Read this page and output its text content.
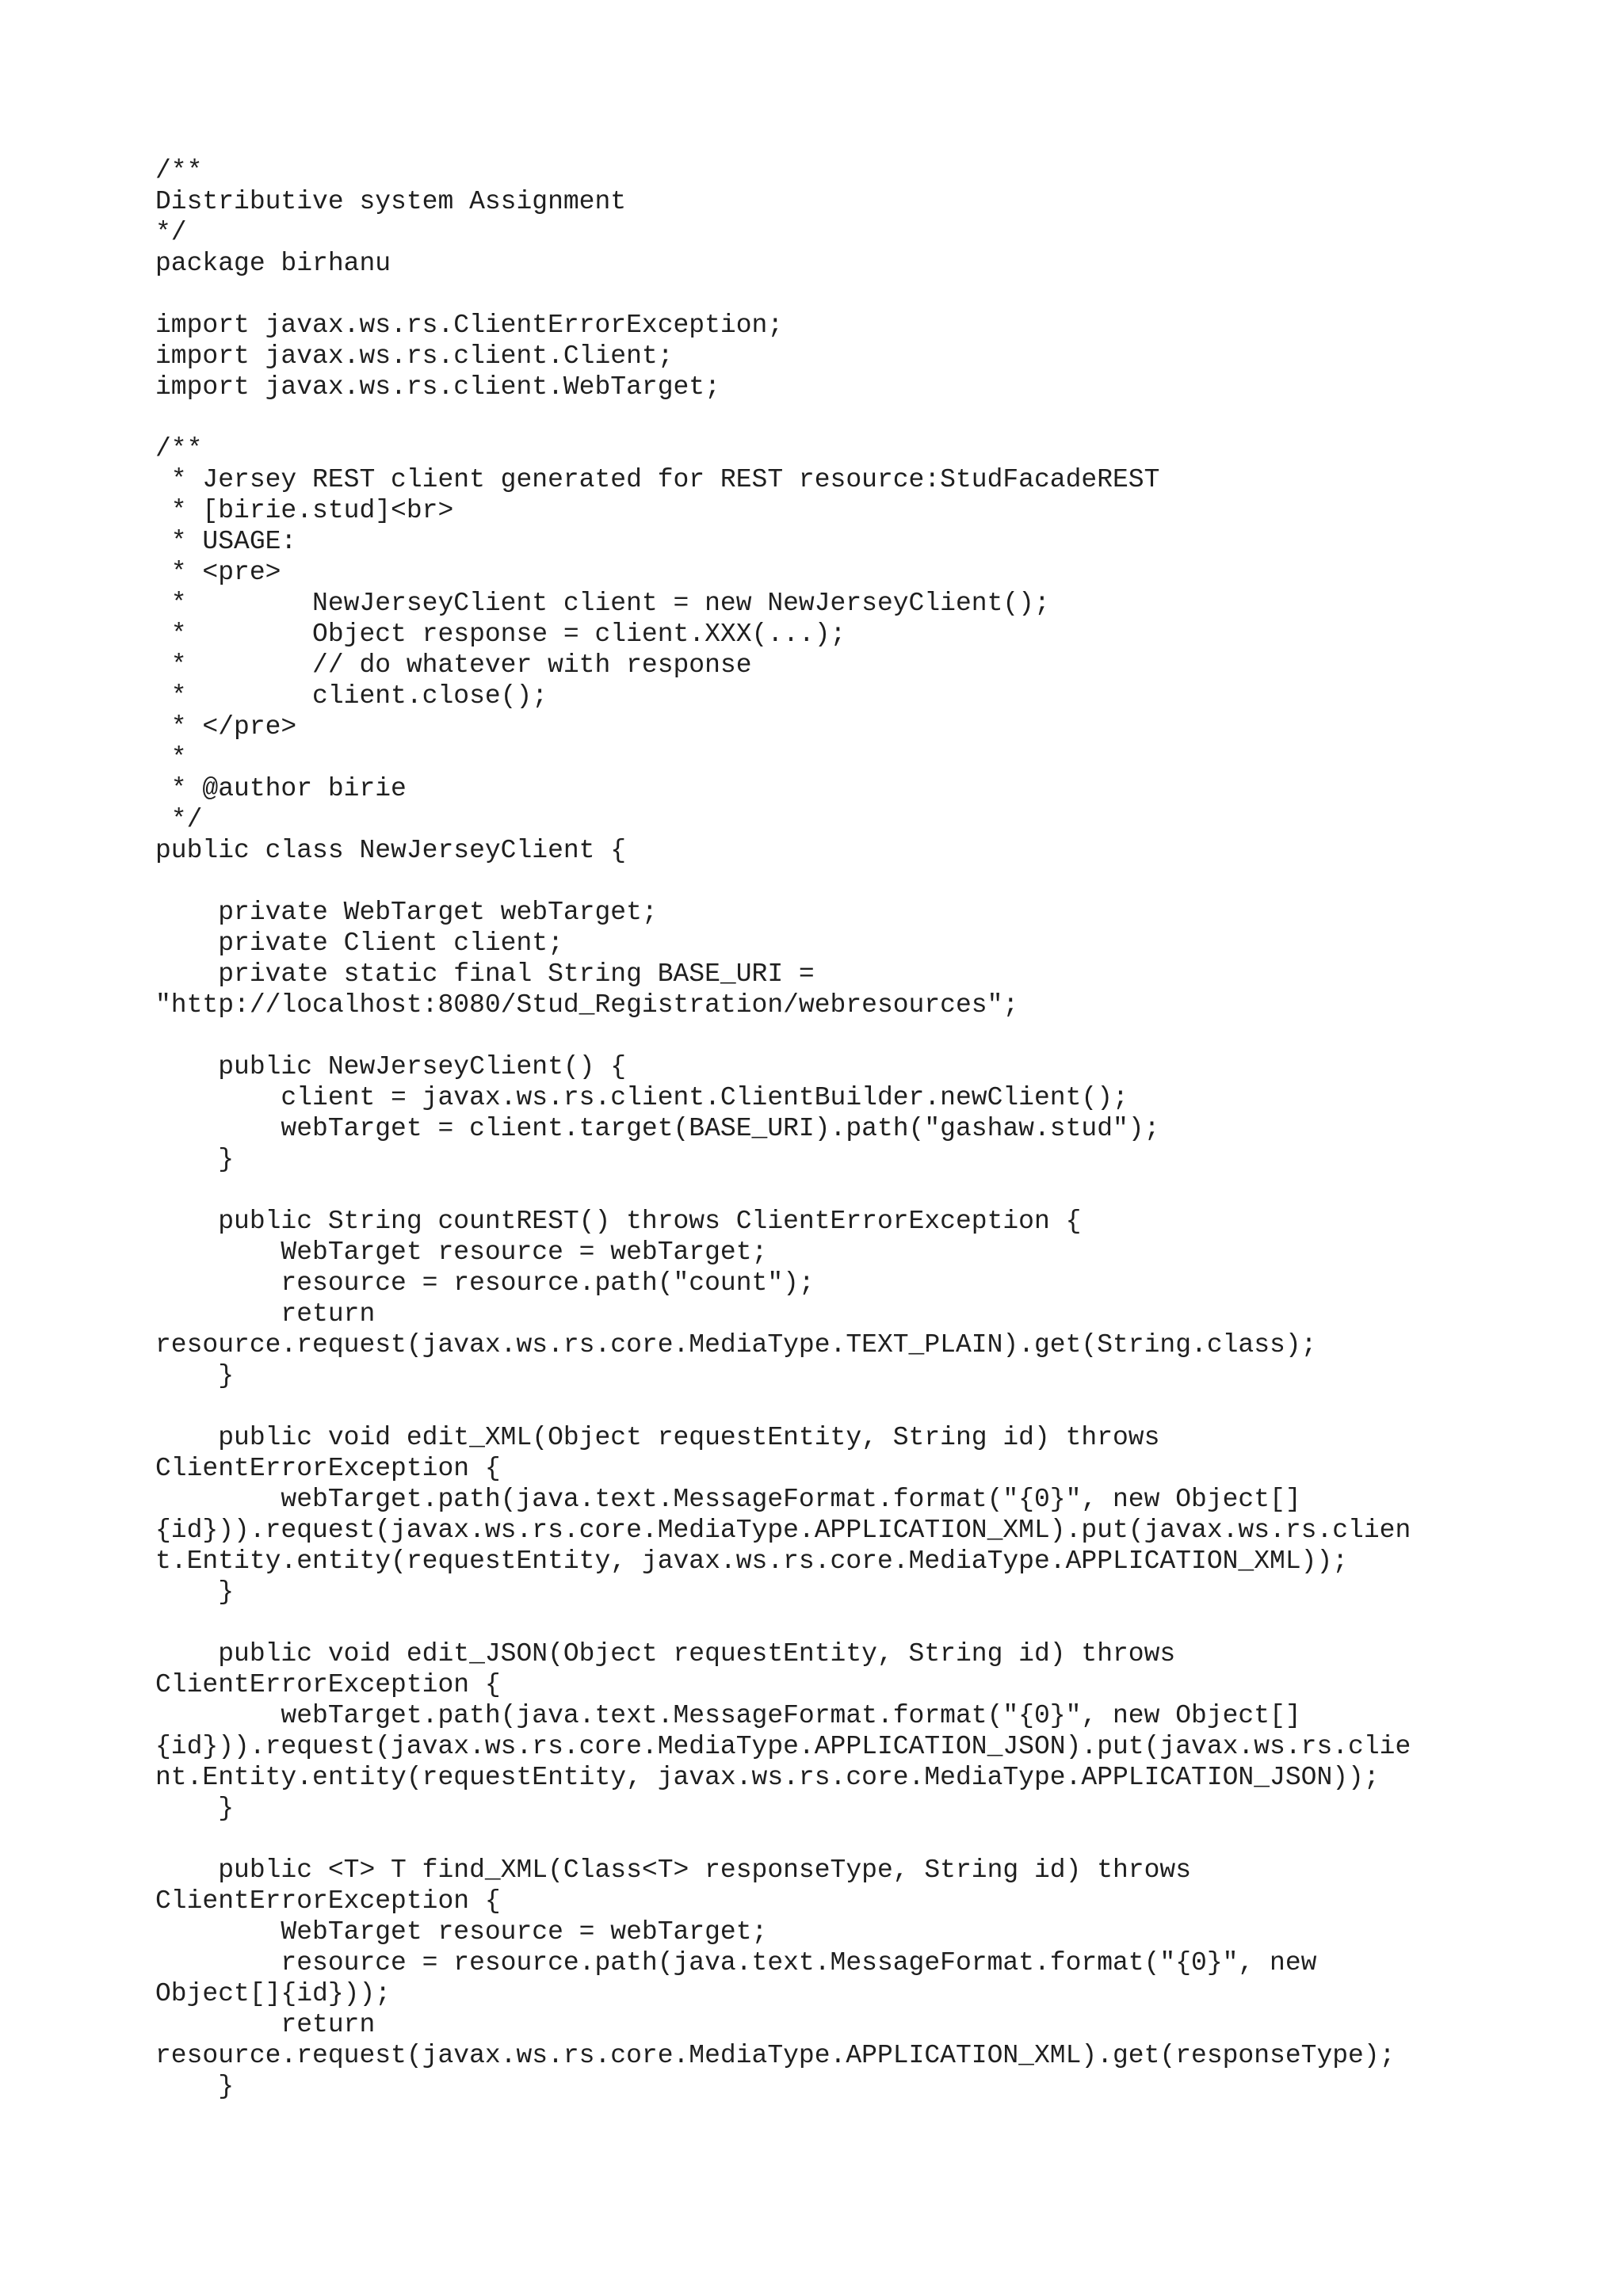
/**
Distributive system Assignment
*/
package birhanu
import javax.ws.rs.ClientErrorException;
import javax.ws.rs.client.Client;
import javax.ws.rs.client.WebTarget;
/**
* Jersey REST client generated for REST resource:StudFacadeREST
* [birie.stud]<br>
* USAGE:
* <pre>
*        NewJerseyClient client = new NewJerseyClient();
*        Object response = client.XXX(...);
*        // do whatever with response
*        client.close();
* </pre>
*
* @author birie
*/
public class NewJerseyClient {
private WebTarget webTarget;
private Client client;
private static final String BASE_URI =
"http://localhost:8080/Stud_Registration/webresources";
public NewJerseyClient() {
client = javax.ws.rs.client.ClientBuilder.newClient();
webTarget = client.target(BASE_URI).path("gashaw.stud");
}
public String countREST() throws ClientErrorException {
WebTarget resource = webTarget;
resource = resource.path("count");
return
resource.request(javax.ws.rs.core.MediaType.TEXT_PLAIN).get(String.class);
}
public void edit_XML(Object requestEntity, String id) throws
ClientErrorException {
webTarget.path(java.text.MessageFormat.format("{0}", new Object[]
{id})).request(javax.ws.rs.core.MediaType.APPLICATION_XML).put(javax.ws.rs.clien
t.Entity.entity(requestEntity, javax.ws.rs.core.MediaType.APPLICATION_XML));
}
public void edit_JSON(Object requestEntity, String id) throws
ClientErrorException {
webTarget.path(java.text.MessageFormat.format("{0}", new Object[]
{id})).request(javax.ws.rs.core.MediaType.APPLICATION_JSON).put(javax.ws.rs.clie
nt.Entity.entity(requestEntity, javax.ws.rs.core.MediaType.APPLICATION_JSON));
}
public <T> T find_XML(Class<T> responseType, String id) throws
ClientErrorException {
WebTarget resource = webTarget;
resource = resource.path(java.text.MessageFormat.format("{0}", new
Object[]{id}));
return
resource.request(javax.ws.rs.core.MediaType.APPLICATION_XML).get(responseType);
}
